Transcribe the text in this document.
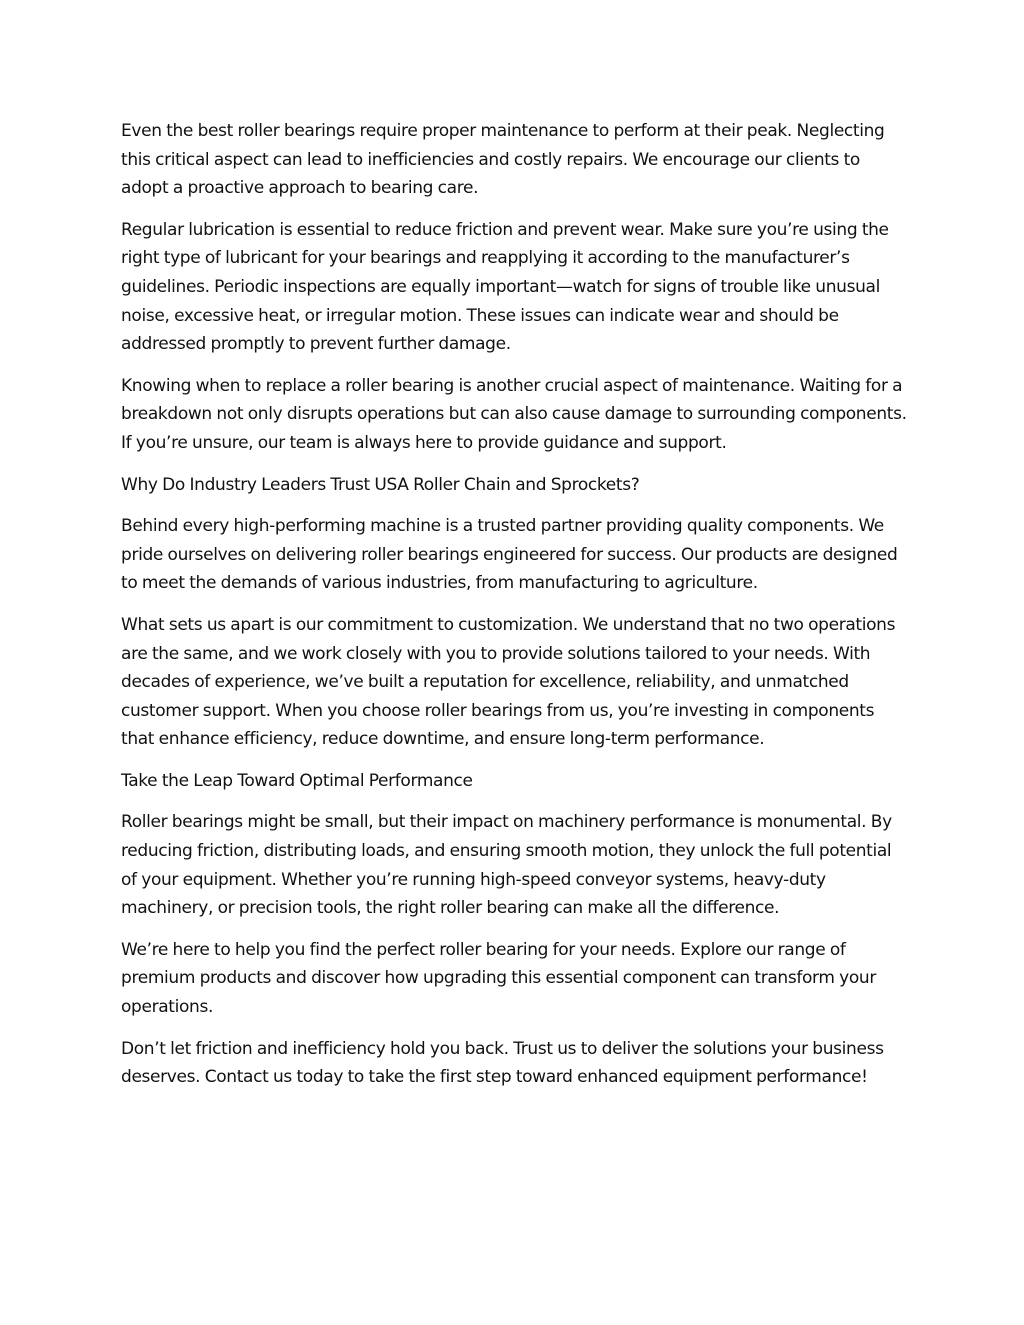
Even the best roller bearings require proper maintenance to perform at their peak. Neglecting this critical aspect can lead to inefficiencies and costly repairs. We encourage our clients to adopt a proactive approach to bearing care.

Regular lubrication is essential to reduce friction and prevent wear. Make sure you’re using the right type of lubricant for your bearings and reapplying it according to the manufacturer’s guidelines. Periodic inspections are equally important—watch for signs of trouble like unusual noise, excessive heat, or irregular motion. These issues can indicate wear and should be addressed promptly to prevent further damage.

Knowing when to replace a roller bearing is another crucial aspect of maintenance. Waiting for a breakdown not only disrupts operations but can also cause damage to surrounding components. If you’re unsure, our team is always here to provide guidance and support.

Why Do Industry Leaders Trust USA Roller Chain and Sprockets?

Behind every high-performing machine is a trusted partner providing quality components. We pride ourselves on delivering roller bearings engineered for success. Our products are designed to meet the demands of various industries, from manufacturing to agriculture.

What sets us apart is our commitment to customization. We understand that no two operations are the same, and we work closely with you to provide solutions tailored to your needs. With decades of experience, we’ve built a reputation for excellence, reliability, and unmatched customer support. When you choose roller bearings from us, you’re investing in components that enhance efficiency, reduce downtime, and ensure long-term performance.

Take the Leap Toward Optimal Performance

Roller bearings might be small, but their impact on machinery performance is monumental. By reducing friction, distributing loads, and ensuring smooth motion, they unlock the full potential of your equipment. Whether you’re running high-speed conveyor systems, heavy-duty machinery, or precision tools, the right roller bearing can make all the difference.

We’re here to help you find the perfect roller bearing for your needs. Explore our range of premium products and discover how upgrading this essential component can transform your operations.

Don’t let friction and inefficiency hold you back. Trust us to deliver the solutions your business deserves. Contact us today to take the first step toward enhanced equipment performance!
